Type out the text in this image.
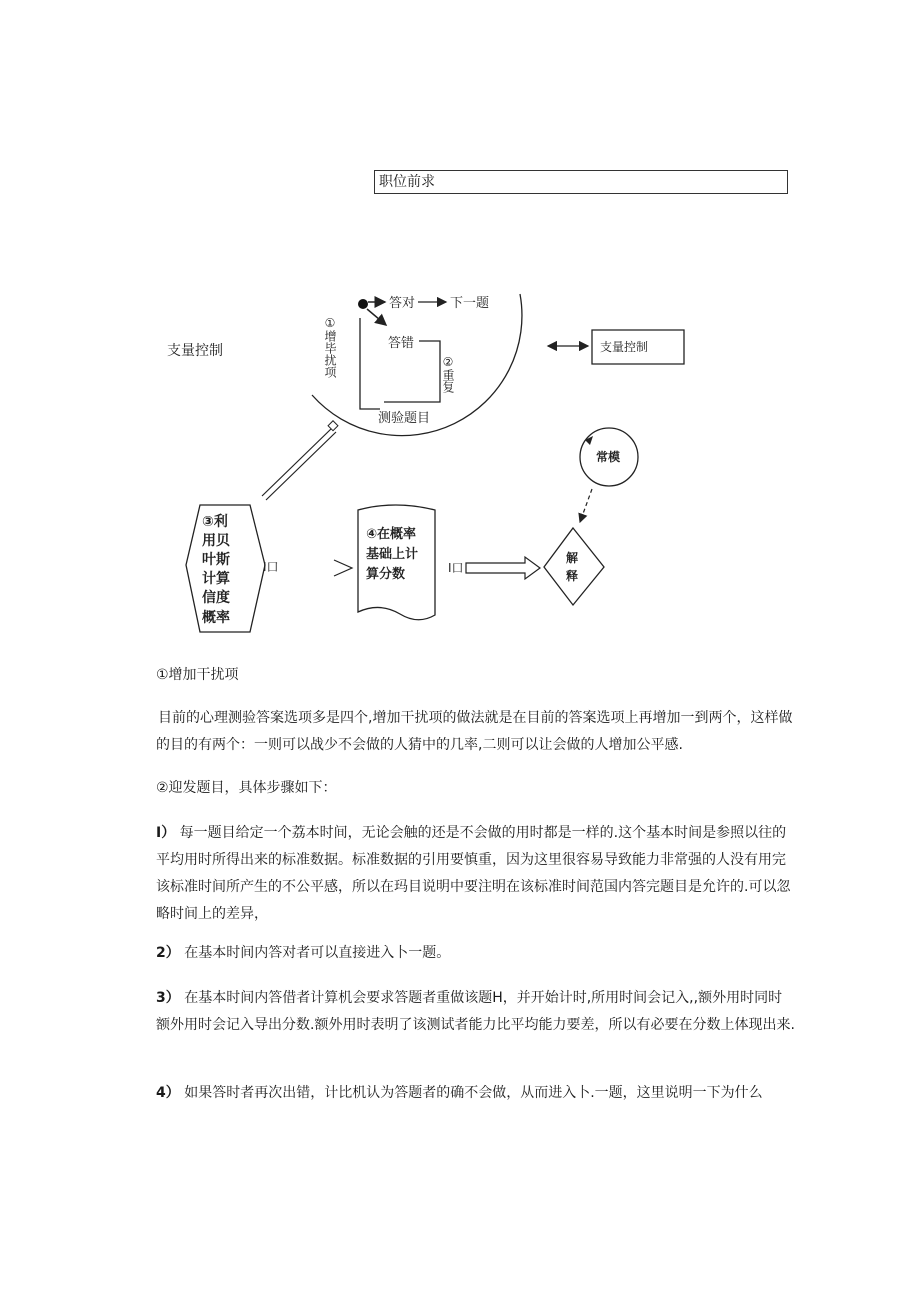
职位前求
支量控制
答对	下一题
答错
①增毕扰项	②重复
测验题目
支量控制
③利
用贝
叶斯
计算
信度
概率
I口
④在概率
基础上计
算分数	I口
解
释
常模

①增加干扰项

目前的心理测验答案选项多是四个,增加干扰项的做法就是在目前的答案选项上再增加一到两个，这样做的目的有两个：一则可以战少不会做的人猜中的几率,二则可以让会做的人增加公平感.

②迎发题目，具体步骤如下：

I） 每一题目给定一个荔本时间，无论会触的还是不会做的用时都是一样的.这个基本时间是参照以往的平均用时所得出来的标准数据。标准数据的引用要慎重，因为这里很容易导致能力非常强的人没有用完该标准时间所产生的不公平感，所以在玛目说明中要注明在该标准时间范国内答完题目是允许的.可以忽略时间上的差异，

2） 在基本时间内答对者可以直接进入卜一题。

3） 在基本时间内答借者计算机会要求答题者重做该题H，并开始计时,所用时间会记入,,额外用时同时额外用时会记入导出分数.额外用时表明了该测试者能力比平均能力要差，所以有必要在分数上体现出来.

4） 如果答时者再次出错，计比机认为答题者的确不会做，从而进入卜.一题，这里说明一下为什么
